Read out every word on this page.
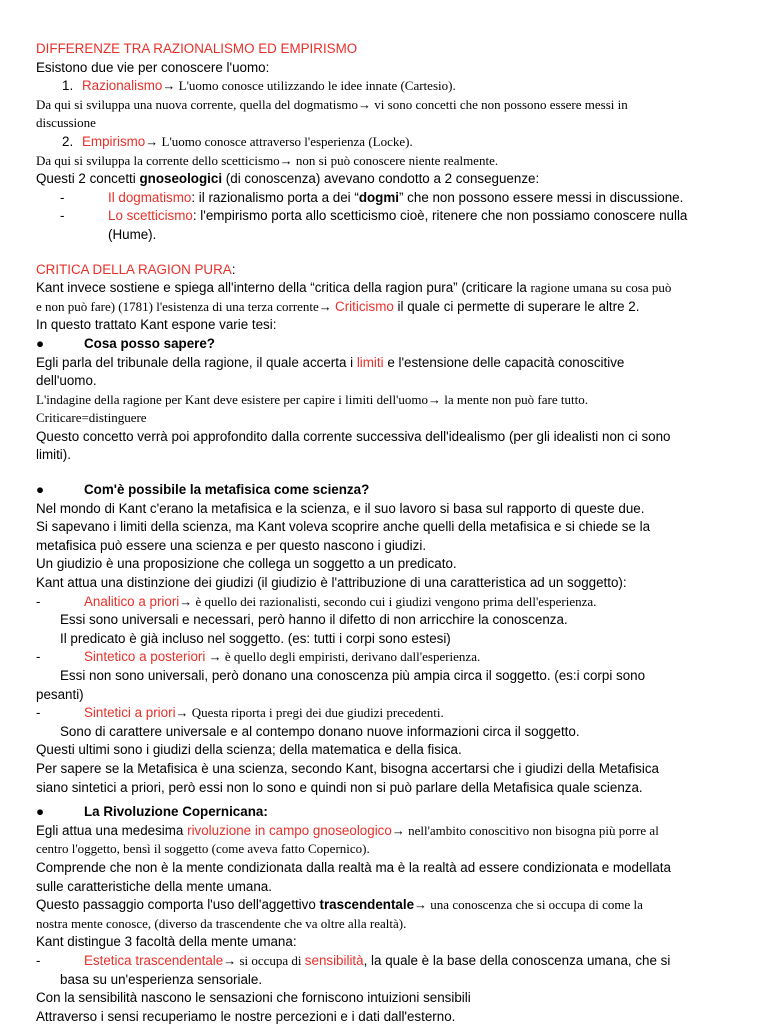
DIFFERENZE TRA RAZIONALISMO ED EMPIRISMO
Esistono due vie per conoscere l'uomo:
1. Razionalismo→ L'uomo conosce utilizzando le idee innate (Cartesio).
Da qui si sviluppa una nuova corrente, quella del dogmatismo→ vi sono concetti che non possono essere messi in
discussione
2. Empirismo→ L'uomo conosce attraverso l'esperienza (Locke).
Da qui si sviluppa la corrente dello scetticismo→ non si può conoscere niente realmente.
Questi 2 concetti gnoseologici (di conoscenza) avevano condotto a 2 conseguenze:
-	Il dogmatismo: il razionalismo porta a dei “dogmi” che non possono essere messi in discussione.
-	Lo scetticismo: l'empirismo porta allo scetticismo cioè, ritenere che non possiamo conoscere nulla
(Hume).
CRITICA DELLA RAGION PURA:
Kant invece sostiene e spiega all'interno della “critica della ragion pura” (criticare la ragione umana su cosa può
e non può fare) (1781) l'esistenza di una terza corrente→ Criticismo il quale ci permette di superare le altre 2.
In questo trattato Kant espone varie tesi:
●	Cosa posso sapere?
Egli parla del tribunale della ragione, il quale accerta i limiti e l'estensione delle capacità conoscitive
dell'uomo.
L'indagine della ragione per Kant deve esistere per capire i limiti dell'uomo→ la mente non può fare tutto.
Criticare=distinguere
Questo concetto verrà poi approfondito dalla corrente successiva dell'idealismo (per gli idealisti non ci sono
limiti).
●	Com'è possibile la metafisica come scienza?
Nel mondo di Kant c'erano la metafisica e la scienza, e il suo lavoro si basa sul rapporto di queste due.
Si sapevano i limiti della scienza, ma Kant voleva scoprire anche quelli della metafisica e si chiede se la
metafisica può essere una scienza e per questo nascono i giudizi.
Un giudizio è una proposizione che collega un soggetto a un predicato.
Kant attua una distinzione dei giudizi (il giudizio è l'attribuzione di una caratteristica ad un soggetto):
-	Analitico a priori→ è quello dei razionalisti, secondo cui i giudizi vengono prima dell'esperienza.
Essi sono universali e necessari, però hanno il difetto di non arricchire la conoscenza.
Il predicato è già incluso nel soggetto. (es: tutti i corpi sono estesi)
-	Sintetico a posteriori → è quello degli empiristi, derivano dall'esperienza.
Essi non sono universali, però donano una conoscenza più ampia circa il soggetto. (es:i corpi sono
pesanti)
-	Sintetici a priori→ Questa riporta i pregi dei due giudizi precedenti.
Sono di carattere universale e al contempo donano nuove informazioni circa il soggetto.
Questi ultimi sono i giudizi della scienza; della matematica e della fisica.
Per sapere se la Metafisica è una scienza, secondo Kant, bisogna accertarsi che i giudizi della Metafisica
siano sintetici a priori, però essi non lo sono e quindi non si può parlare della Metafisica quale scienza.
●	La Rivoluzione Copernicana:
Egli attua una medesima rivoluzione in campo gnoseologico→ nell'ambito conoscitivo non bisogna più porre al
centro l'oggetto, bensì il soggetto (come aveva fatto Copernico).
Comprende che non è la mente condizionata dalla realtà ma è la realtà ad essere condizionata e modellata
sulle caratteristiche della mente umana.
Questo passaggio comporta l'uso dell'aggettivo trascendentale→ una conoscenza che si occupa di come la
nostra mente conosce, (diverso da trascendente che va oltre alla realtà).
Kant distingue 3 facoltà della mente umana:
-	Estetica trascendentale→ si occupa di sensibilità, la quale è la base della conoscenza umana, che si
basa su un'esperienza sensoriale.
Con la sensibilità nascono le sensazioni che forniscono intuizioni sensibili
Attraverso i sensi recuperiamo le nostre percezioni e i dati dall'esterno.
